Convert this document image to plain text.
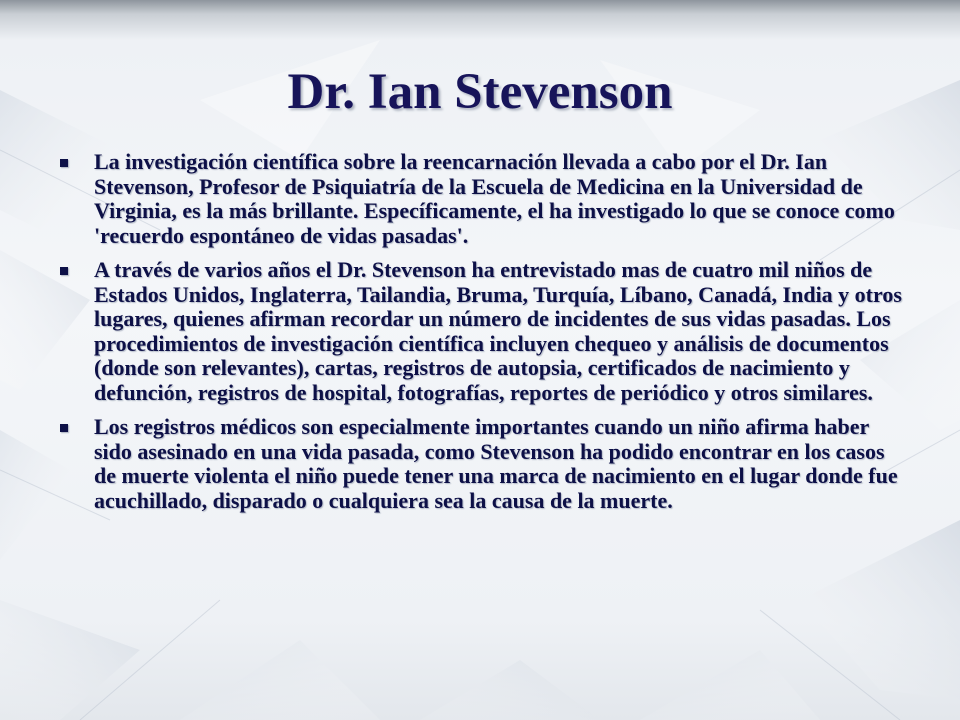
Dr. Ian Stevenson
La investigación científica sobre la reencarnación llevada a cabo por el Dr. Ian Stevenson, Profesor de Psiquiatría de la Escuela de Medicina en la Universidad de Virginia, es la más brillante. Específicamente, el ha investigado lo que se conoce como 'recuerdo espontáneo de vidas pasadas'.
A través de varios años el Dr. Stevenson ha entrevistado mas de cuatro mil niños de Estados Unidos, Inglaterra, Tailandia, Bruma, Turquía, Líbano, Canadá, India y otros lugares, quienes afirman recordar un número de incidentes de sus vidas pasadas. Los procedimientos de investigación científica incluyen chequeo y análisis de documentos (donde son relevantes), cartas, registros de autopsia, certificados de nacimiento y defunción, registros de hospital, fotografías, reportes de periódico y otros similares.
Los registros médicos son especialmente importantes cuando un niño afirma haber sido asesinado en una vida pasada, como Stevenson ha podido encontrar en los casos de muerte violenta el niño puede tener una marca de nacimiento en el lugar donde fue acuchillado, disparado o cualquiera sea la causa de la muerte.
